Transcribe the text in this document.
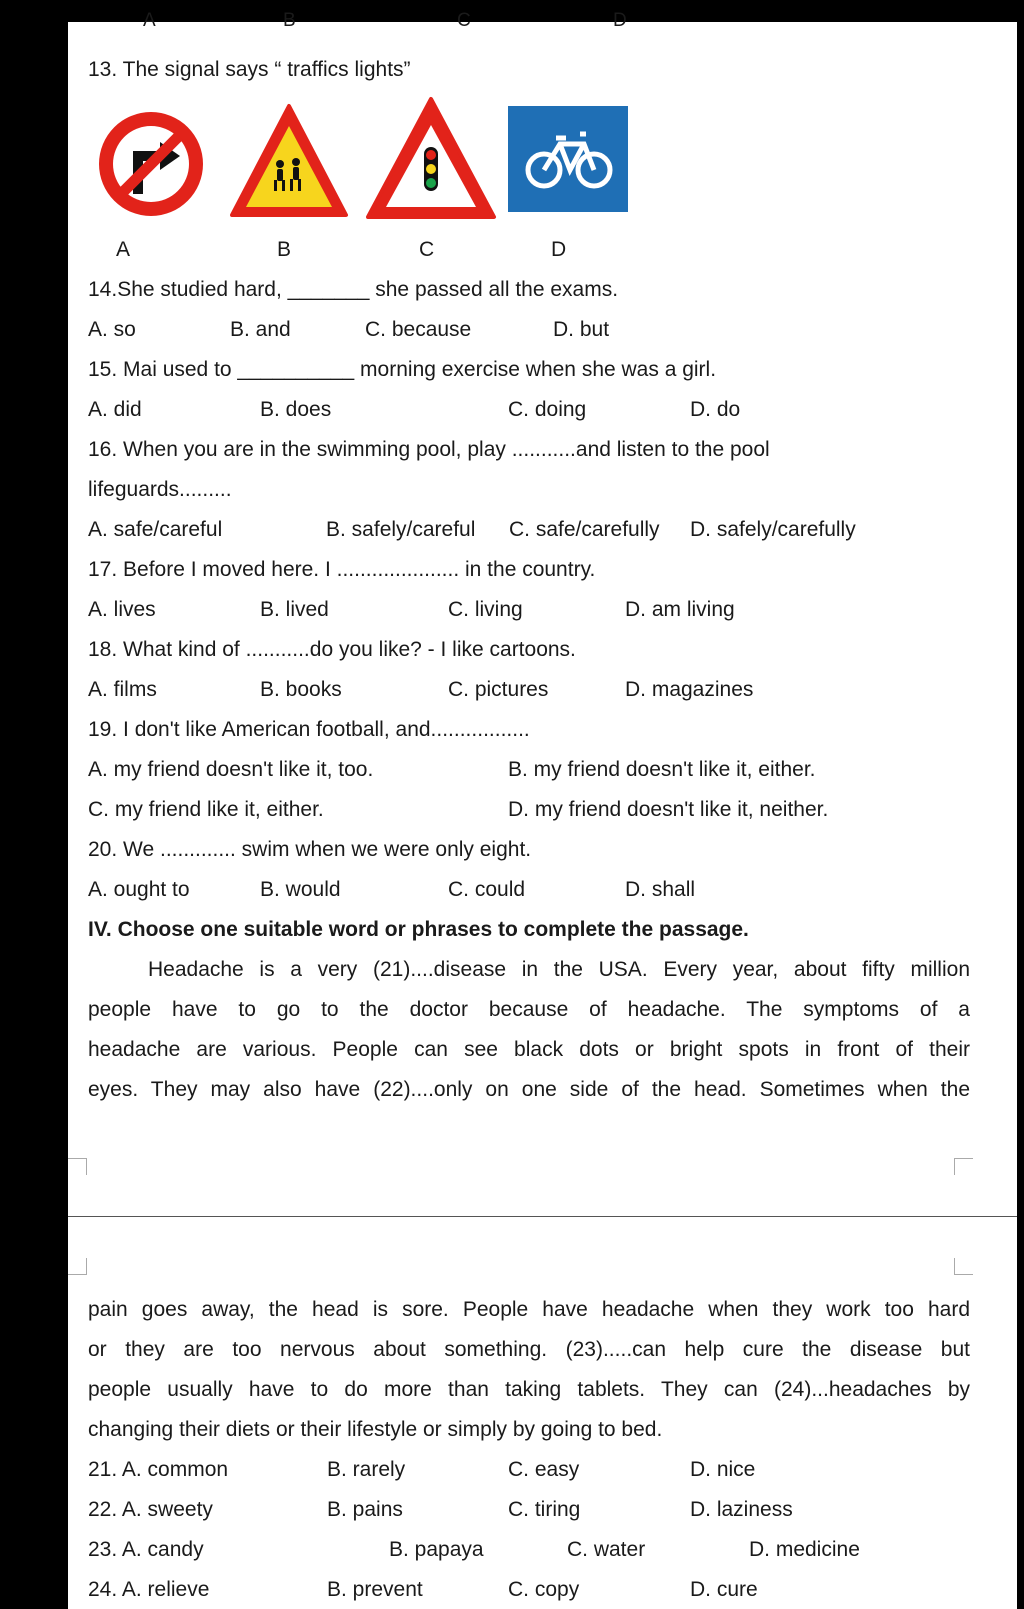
A	B	C	D
13. The signal says “ traffics lights”
A	B	C	D
14.She studied hard, _______ she passed all the exams.
A. so	B. and	C. because	D. but
15. Mai used to __________ morning exercise when she was a girl.
A. did	B. does	C. doing	D. do
16. When you are in the swimming pool, play ...........and listen to the pool
lifeguards.........
A. safe/careful	B. safely/careful C. safe/carefully D. safely/carefully
17. Before I moved here. I ..................... in the country.
A. lives	B. lived	C. living	D. am living
18. What kind of ...........do you like? - I like cartoons.
A. films	B. books	C. pictures	D. magazines
19. I don't like American football, and.................
A. my friend doesn't like it, too.	B. my friend doesn't like it, either.
C. my friend like it, either.	D. my friend doesn't like it, neither.
20. We ............. swim when we were only eight.
A. ought to	B. would	C. could	D. shall
IV. Choose one suitable word or phrases to complete the passage.
Headache is a very (21)....disease in the USA. Every year, about fifty million
people have to go to the doctor because of headache. The symptoms of a
headache are various. People can see black dots or bright spots in front of their
eyes. They may also have (22)....only on one side of the head. Sometimes when the
pain goes away, the head is sore. People have headache when they work too hard
or they are too nervous about something. (23).....can help cure the disease but
people usually have to do more than taking tablets. They can (24)...headaches by
changing their diets or their lifestyle or simply by going to bed.
21. A. common	B. rarely	C. easy	D. nice
22. A. sweety	B. pains	C. tiring	D. laziness
23. A. candy	B. papaya	C. water	D. medicine
24. A. relieve	B. prevent	C. copy	D. cure
